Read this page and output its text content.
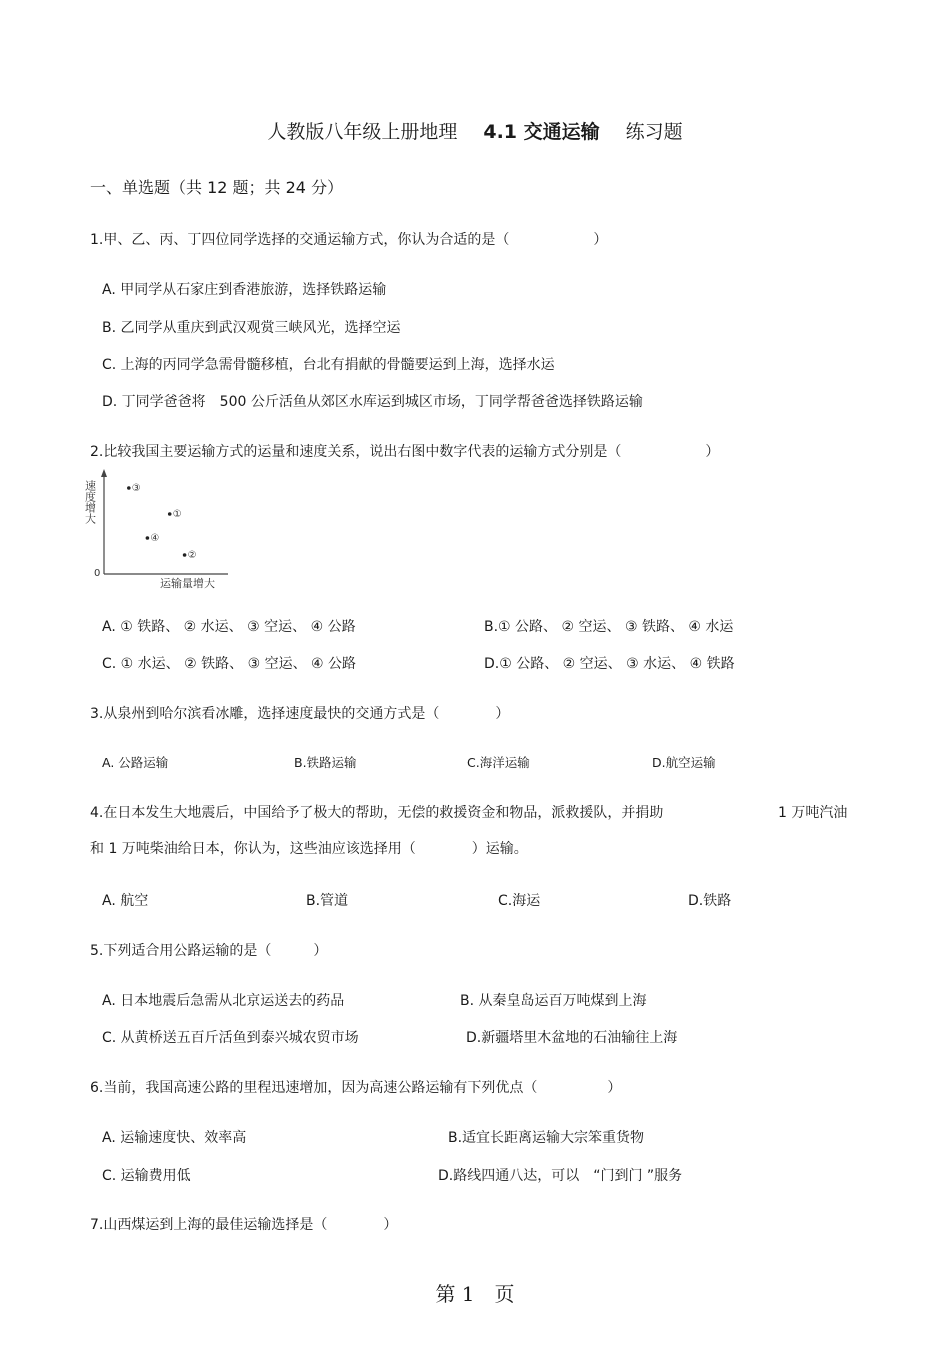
人教版八年级上册地理 4.1 交通运输 练习题
一、单选题（共 12 题；共 24 分）
1.甲、乙、丙、丁四位同学选择的交通运输方式，你认为合适的是（　　　　　　）
A. 甲同学从石家庄到香港旅游，选择铁路运输
B. 乙同学从重庆到武汉观赏三峡风光，选择空运
C. 上海的丙同学急需骨髓移植，台北有捐献的骨髓要运到上海，选择水运
D. 丁同学爸爸将　500 公斤活鱼从郊区水库运到城区市场，丁同学帮爸爸选择铁路运输
2.比较我国主要运输方式的运量和速度关系，说出右图中数字代表的运输方式分别是（　　　　　　）
速度增大
0
运输量增大
③
①
④
②
A. ① 铁路、 ② 水运、 ③ 空运、 ④ 公路	B.① 公路、 ② 空运、 ③ 铁路、 ④ 水运
C. ① 水运、 ② 铁路、 ③ 空运、 ④ 公路	D.① 公路、 ② 空运、 ③ 水运、 ④ 铁路
3.从泉州到哈尔滨看冰雕，选择速度最快的交通方式是（　　　　）
A. 公路运输	B.铁路运输	C.海洋运输	D.航空运输
4.在日本发生大地震后，中国给予了极大的帮助，无偿的救援资金和物品，派救援队，并捐助	1 万吨汽油
和 1 万吨柴油给日本，你认为，这些油应该选择用（　　　　）运输。
A. 航空	B.管道	C.海运	D.铁路
5.下列适合用公路运输的是（　　　）
A. 日本地震后急需从北京运送去的药品	B. 从秦皇岛运百万吨煤到上海
C. 从黄桥送五百斤活鱼到泰兴城农贸市场	D.新疆塔里木盆地的石油输往上海
6.当前，我国高速公路的里程迅速增加，因为高速公路运输有下列优点（　　　　　）
A. 运输速度快、效率高	B.适宜长距离运输大宗笨重货物
C. 运输费用低	D.路线四通八达，可以　“门到门 ”服务
7.山西煤运到上海的最佳运输选择是（　　　　）
第 1　页
